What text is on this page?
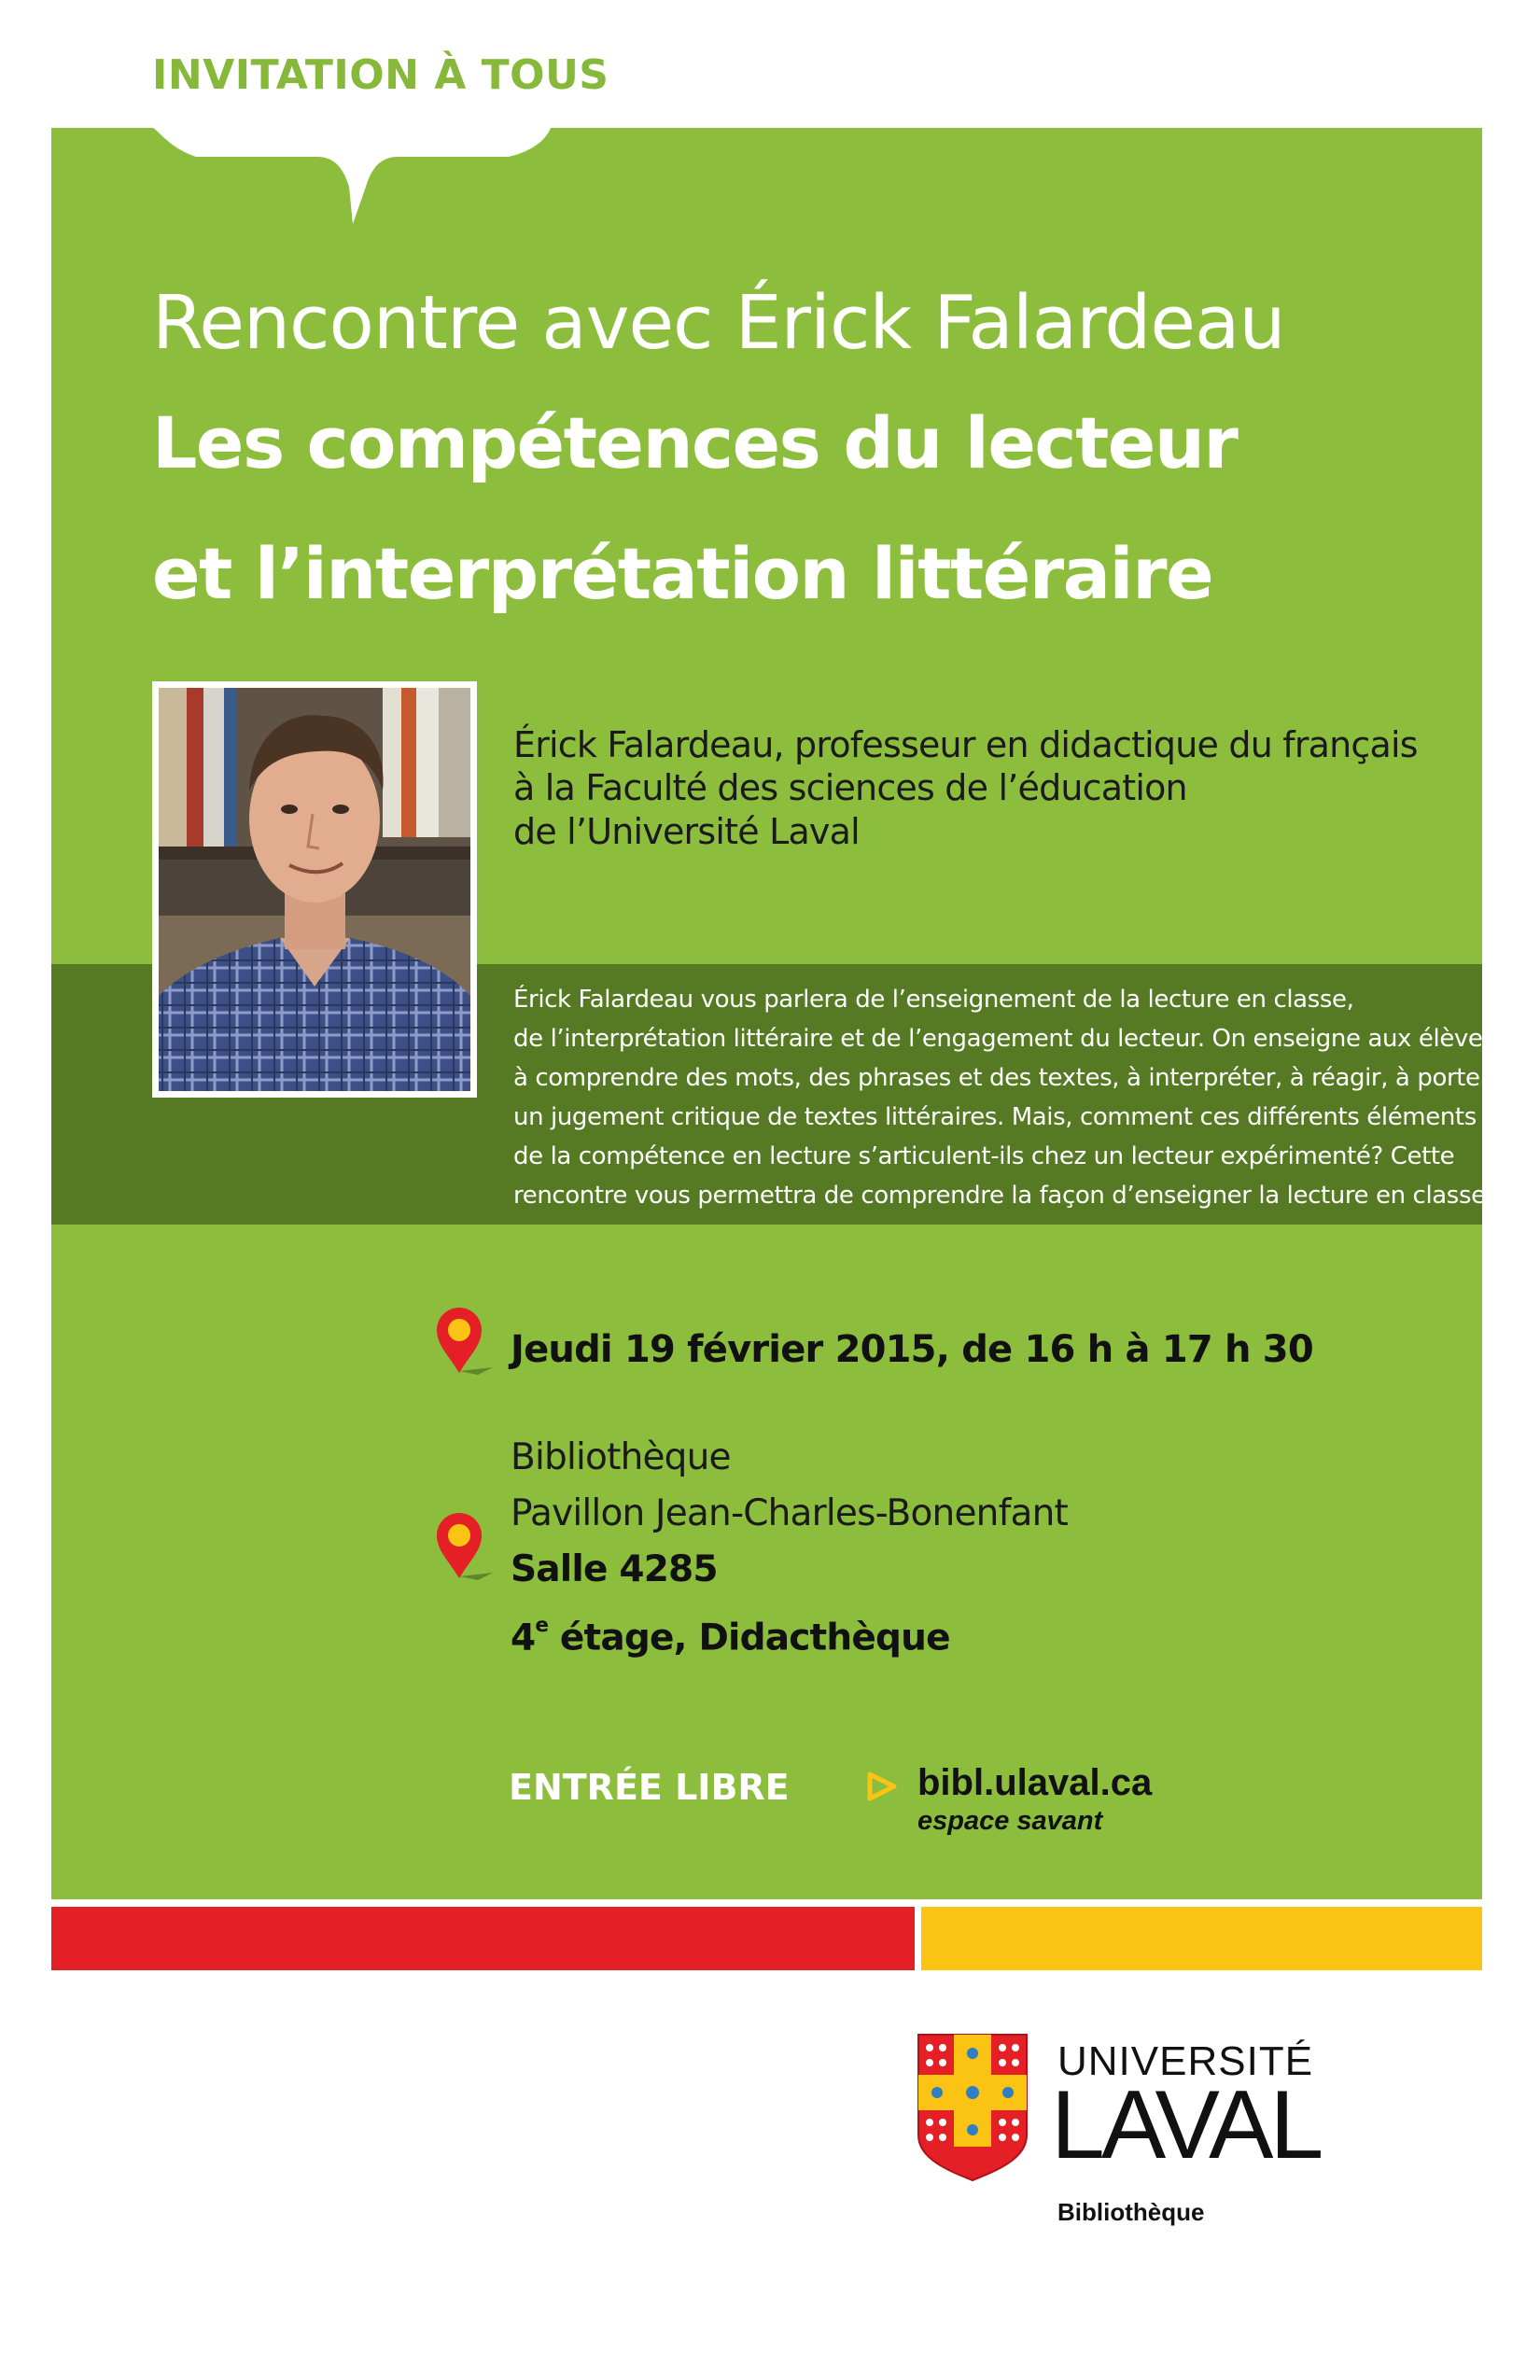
INVITATION À TOUS
Rencontre avec Érick Falardeau
Les compétences du lecteur
et l’interprétation littéraire
Érick Falardeau, professeur en didactique du français
à la Faculté des sciences de l’éducation
de l’Université Laval
Érick Falardeau vous parlera de l’enseignement de la lecture en classe,
de l’interprétation littéraire et de l’engagement du lecteur. On enseigne aux élèves
à comprendre des mots, des phrases et des textes, à interpréter, à réagir, à porter
un jugement critique de textes littéraires. Mais, comment ces différents éléments
de la compétence en lecture s’articulent-ils chez un lecteur expérimenté? Cette
rencontre vous permettra de comprendre la façon d’enseigner la lecture en classe.
Jeudi 19 février 2015, de 16 h à 17 h 30
Bibliothèque
Pavillon Jean-Charles-Bonenfant
Salle 4285
4e étage, Didacthèque
ENTRÉE LIBRE	bibl.ulaval.ca
espace savant
UNIVERSITÉ
LAVAL
Bibliothèque
